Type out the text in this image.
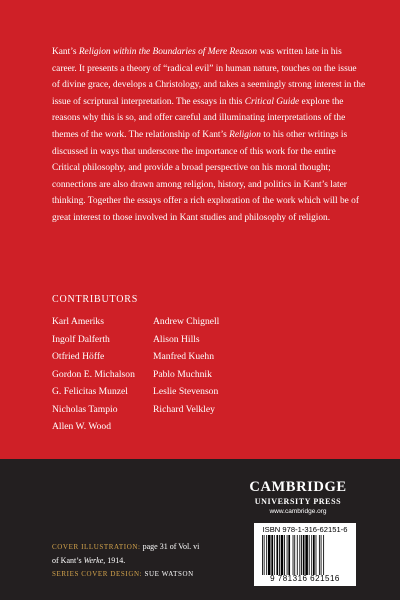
Kant’s Religion within the Boundaries of Mere Reason was written late in his career. It presents a theory of “radical evil” in human nature, touches on the issue of divine grace, develops a Christology, and takes a seemingly strong interest in the issue of scriptural interpretation. The essays in this Critical Guide explore the reasons why this is so, and offer careful and illuminating interpretations of the themes of the work. The relationship of Kant’s Religion to his other writings is discussed in ways that underscore the importance of this work for the entire Critical philosophy, and provide a broad perspective on his moral thought; connections are also drawn among religion, history, and politics in Kant’s later thinking. Together the essays offer a rich exploration of the work which will be of great interest to those involved in Kant studies and philosophy of religion.

CONTRIBUTORS

Karl Ameriks
Ingolf Dalferth
Otfried Höffe
Gordon E. Michalson
G. Felicitas Munzel
Nicholas Tampio
Allen W. Wood
Andrew Chignell
Alison Hills
Manfred Kuehn
Pablo Muchnik
Leslie Stevenson
Richard Velkley

COVER ILLUSTRATION: page 31 of Vol. vi
of Kant’s Werke, 1914.

SERIES COVER DESIGN: SUE WATSON

CAMBRIDGE

UNIVERSITY PRESS

www.cambridge.org

ISBN 978-1-316-62151-6

9 781316 621516
